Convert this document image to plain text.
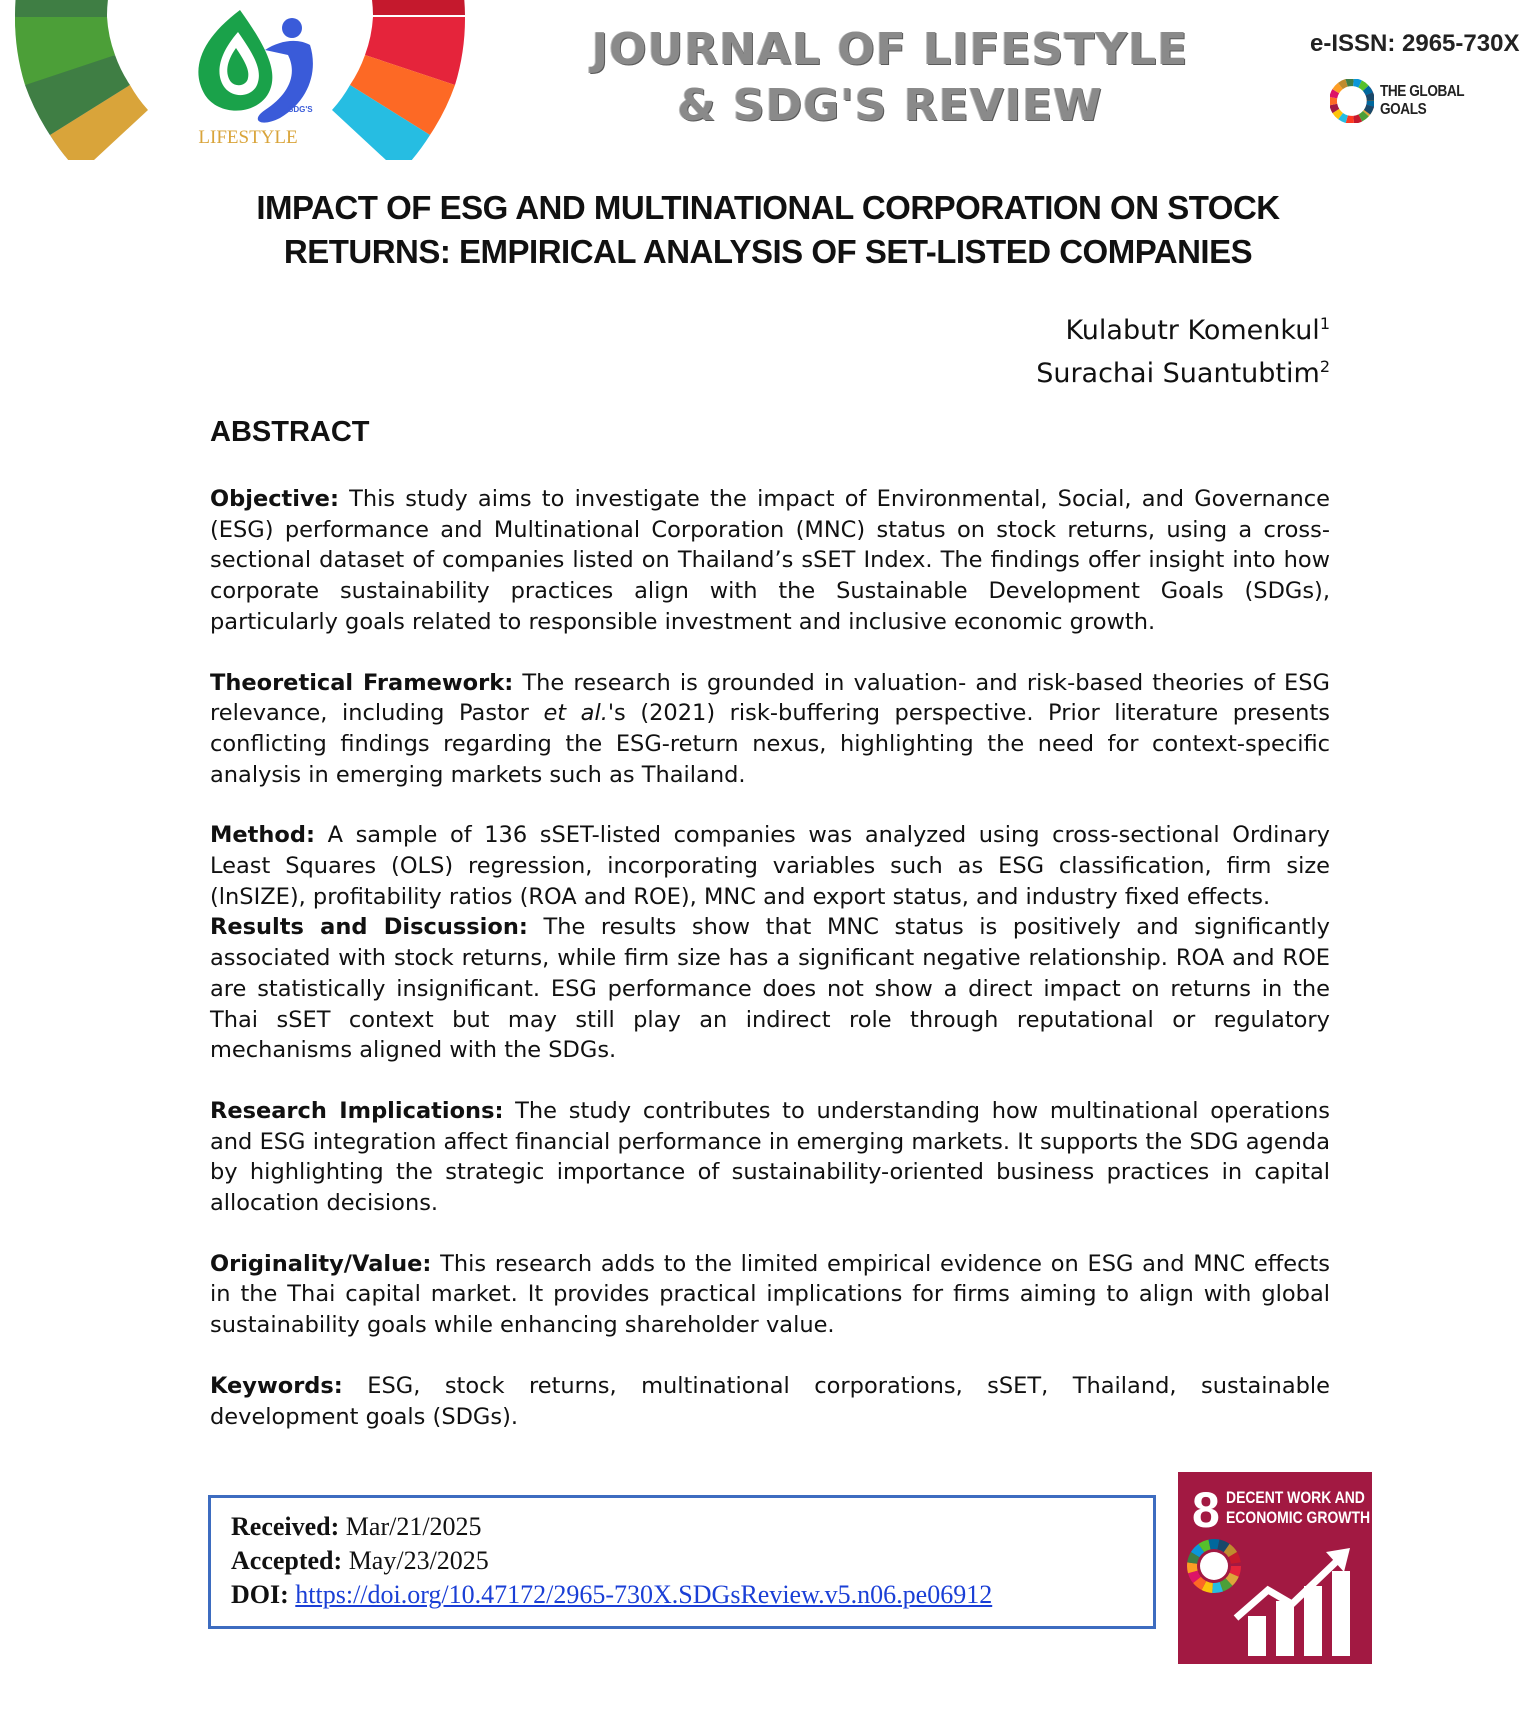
SDG'S
LIFESTYLE
JOURNAL OF LIFESTYLE
& SDG'S REVIEW
e-ISSN: 2965-730X
THE GLOBAL GOALS
IMPACT OF ESG AND MULTINATIONAL CORPORATION ON STOCK
RETURNS: EMPIRICAL ANALYSIS OF SET-LISTED COMPANIES
Kulabutr Komenkul$^1$
Surachai Suantubtim$^2$
ABSTRACT

Objective: This study aims to investigate the impact of Environmental, Social, and Governance (ESG) performance and Multinational Corporation (MNC) status on stock returns, using a cross-sectional dataset of companies listed on Thailand’s sSET Index. The findings offer insight into how corporate sustainability practices align with the Sustainable Development Goals (SDGs), particularly goals related to responsible investment and inclusive economic growth.

Theoretical Framework: The research is grounded in valuation- and risk-based theories of ESG relevance, including Pastor et al.'s (2021) risk-buffering perspective. Prior literature presents conflicting findings regarding the ESG-return nexus, highlighting the need for context-specific analysis in emerging markets such as Thailand.

Method: A sample of 136 sSET-listed companies was analyzed using cross-sectional Ordinary Least Squares (OLS) regression, incorporating variables such as ESG classification, firm size (lnSIZE), profitability ratios (ROA and ROE), MNC and export status, and industry fixed effects.

Results and Discussion: The results show that MNC status is positively and significantly associated with stock returns, while firm size has a significant negative relationship. ROA and ROE are statistically insignificant. ESG performance does not show a direct impact on returns in the Thai sSET context but may still play an indirect role through reputational or regulatory mechanisms aligned with the SDGs.

Research Implications: The study contributes to understanding how multinational operations and ESG integration affect financial performance in emerging markets. It supports the SDG agenda by highlighting the strategic importance of sustainability-oriented business practices in capital allocation decisions.

Originality/Value: This research adds to the limited empirical evidence on ESG and MNC effects in the Thai capital market. It provides practical implications for firms aiming to align with global sustainability goals while enhancing shareholder value.

Keywords: ESG, stock returns, multinational corporations, sSET, Thailand, sustainable development goals (SDGs).

Received: Mar/21/2025
Accepted: May/23/2025
DOI: https://doi.org/10.47172/2965-730X.SDGsReview.v5.n06.pe06912
8 DECENT WORK AND
ECONOMIC GROWTH
